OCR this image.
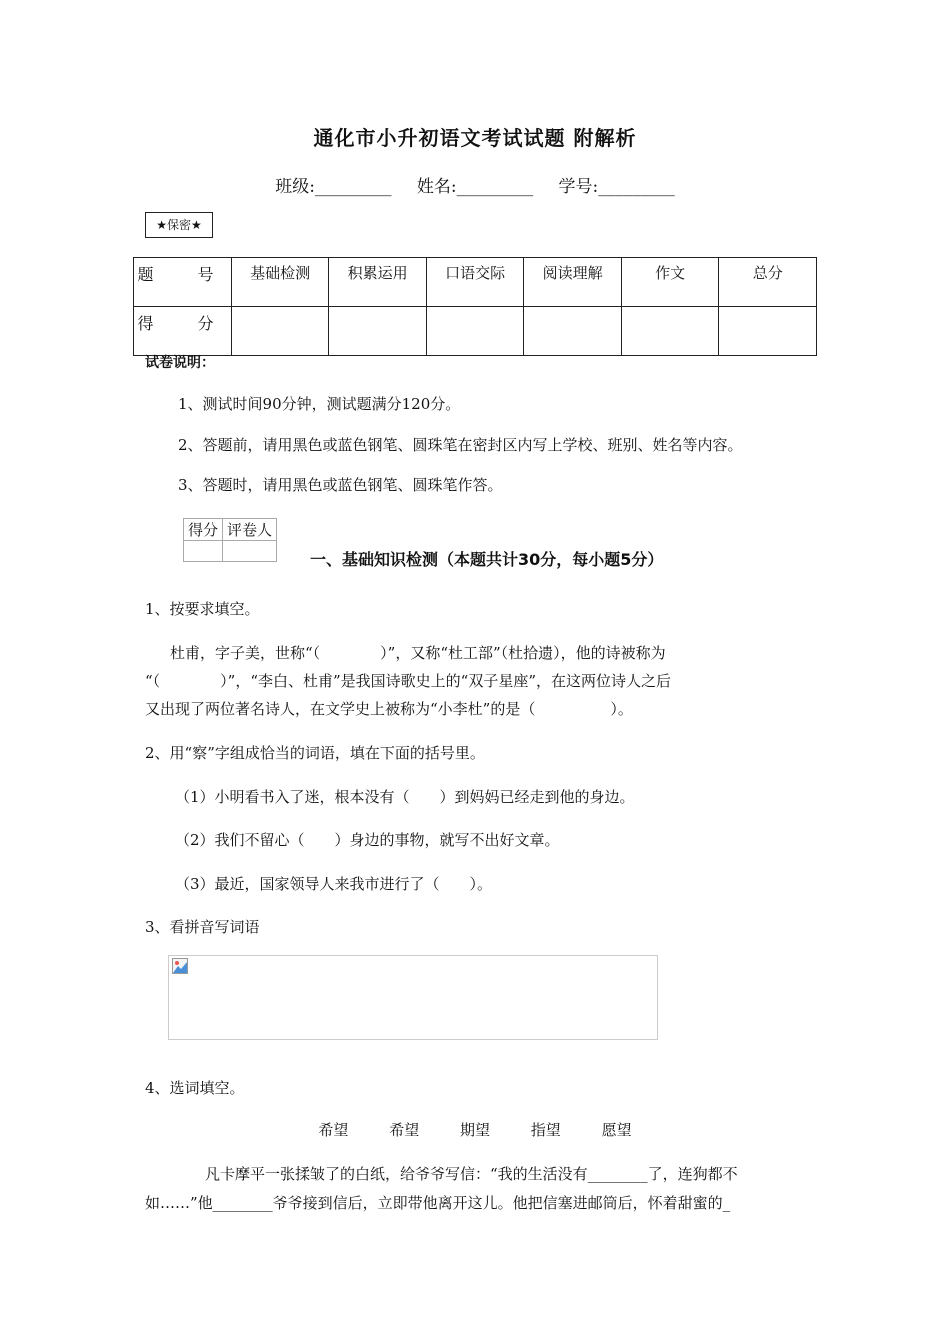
通化市小升初语文考试试题 附解析
班级:_________ 姓名:_________ 学号:_________
★保密★
题　号	基础检测	积累运用	口语交际	阅读理解	作文	总分
得　分						
试卷说明：
1、测试时间90分钟，测试题满分120分。
2、答题前，请用黑色或蓝色钢笔、圆珠笔在密封区内写上学校、班别、姓名等内容。
3、答题时，请用黑色或蓝色钢笔、圆珠笔作答。
得分	评卷人

一、基础知识检测（本题共计30分，每小题5分）
1、按要求填空。
杜甫，字子美，世称“（　　　　）”，又称“杜工部”（杜拾遗），他的诗被称为
“（　　　　）”，“李白、杜甫”是我国诗歌史上的“双子星座”，在这两位诗人之后
又出现了两位著名诗人，在文学史上被称为“小李杜”的是（　　　　　）。
2、用“察”字组成恰当的词语，填在下面的括号里。
（1）小明看书入了迷，根本没有（　　）到妈妈已经走到他的身边。
（2）我们不留心（　　）身边的事物，就写不出好文章。
（3）最近，国家领导人来我市进行了（　　）。
3、看拼音写词语
4、选词填空。
希望	希望	期望	指望	愿望
凡卡摩平一张揉皱了的白纸，给爷爷写信：“我的生活没有________了，连狗都不
如……”他________爷爷接到信后，立即带他离开这儿。他把信塞进邮筒后，怀着甜蜜的_
